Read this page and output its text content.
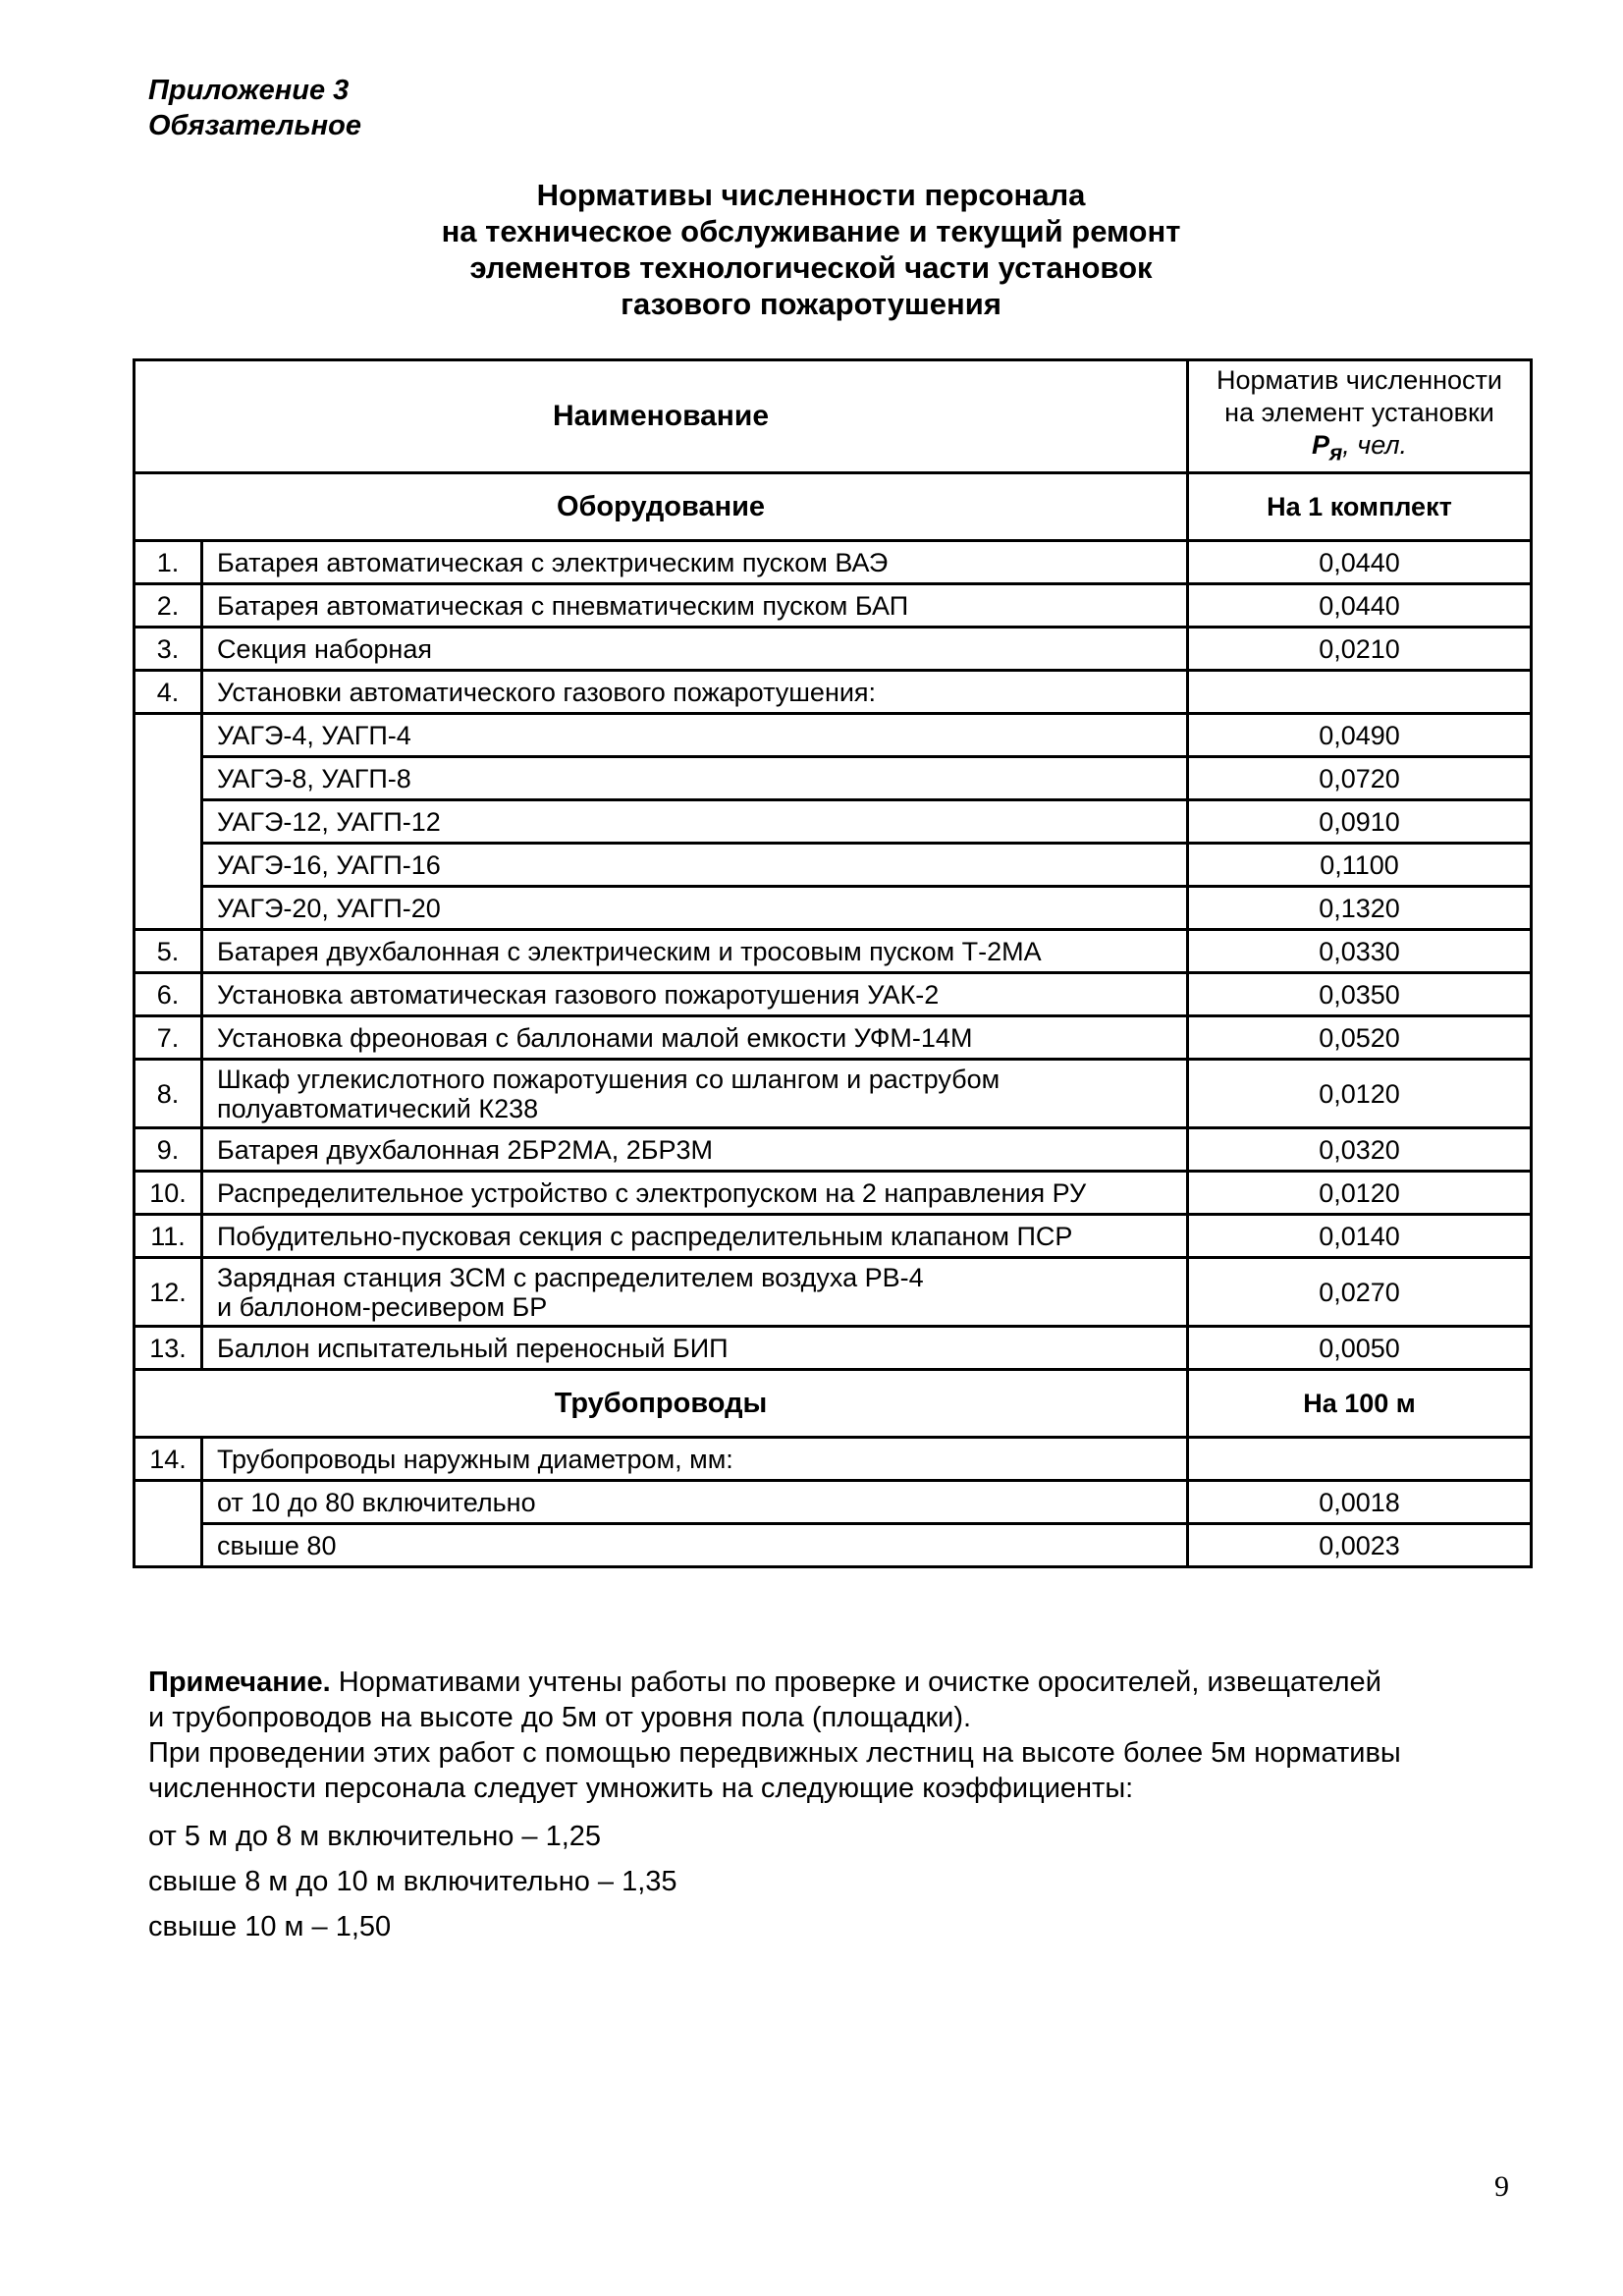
Приложение 3
Обязательное
Нормативы численности персонала
на техническое обслуживание и текущий ремонт
элементов технологической части установок
газового пожаротушения
Наименование		Норматив численности
на элемент установки
$P_я$, чел.

Оборудование		На 1 комплект
1.	Батарея автоматическая с электрическим пуском ВАЭ	0,0440
2.	Батарея автоматическая с пневматическим пуском БАП	0,0440
3.	Секция наборная	0,0210
4.	Установки автоматического газового пожаротушения:	
	УАГЭ-4, УАГП-4	0,0490
	УАГЭ-8, УАГП-8	0,0720
	УАГЭ-12, УАГП-12	0,0910
	УАГЭ-16, УАГП-16	0,1100
	УАГЭ-20, УАГП-20	0,1320
5.	Батарея двухбалонная с электрическим и тросовым пуском Т-2МА	0,0330
6.	Установка автоматическая газового пожаротушения УАК-2	0,0350
7.	Установка фреоновая с баллонами малой емкости УФМ-14М	0,0520
8.	Шкаф углекислотного пожаротушения со шлангом и раструбом
полуавтоматический К238	0,0120
9.	Батарея двухбалонная 2БР2МА, 2БР3М	0,0320
10.	Распределительное устройство с электропуском на 2 направления РУ	0,0120
11.	Побудительно-пусковая секция с распределительным клапаном ПСР	0,0140
12.	Зарядная станция ЗСМ с распределителем воздуха РВ-4
и баллоном-ресивером БР	0,0270
13.	Баллон испытательный переносный БИП	0,0050
Трубопроводы		На 100 м
14.	Трубопроводы наружным диаметром, мм:	
	от 10 до 80 включительно	0,0018
	свыше 80	0,0023

Примечание. Нормативами учтены работы по проверке и очистке оросителей, извещателей

и трубопроводов на высоте до 5м от уровня пола (площадки).

При проведении этих работ с помощью передвижных лестниц на высоте более 5м нормативы

численности персонала следует умножить на следующие коэффициенты:

от 5 м до 8 м включительно – 1,25

свыше 8 м до 10 м включительно – 1,35

свыше 10 м – 1,50

9
